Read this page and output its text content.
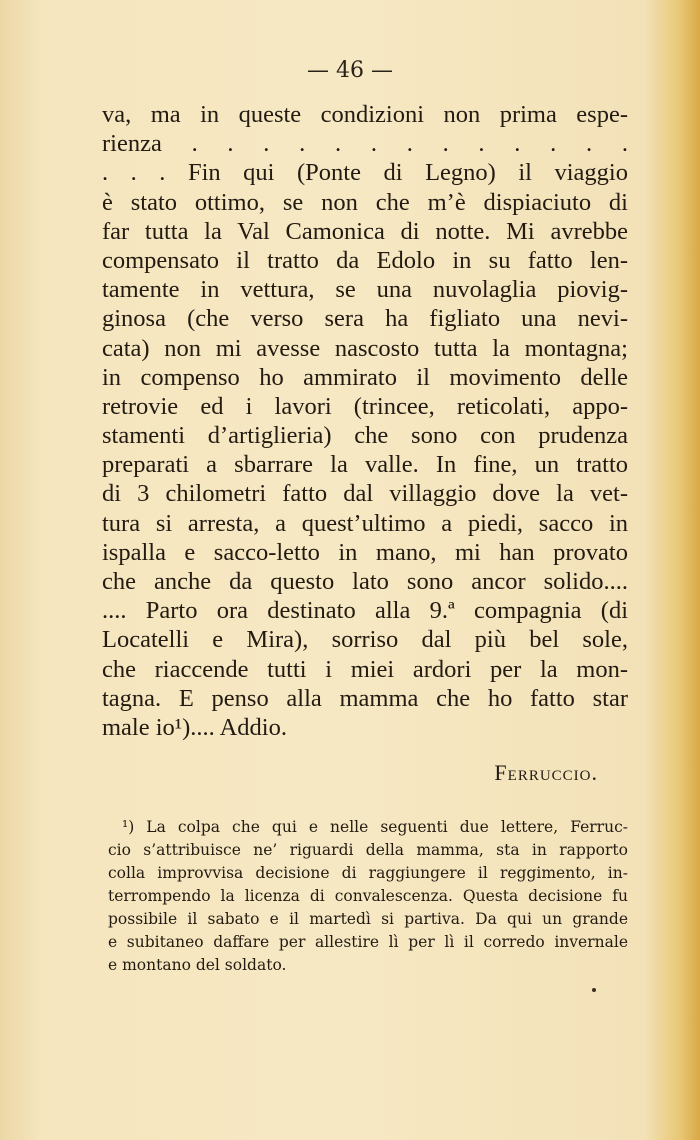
— 46 —
va, ma in queste condizioni non prima espe-
rienza . . . . . . . . . . . . .
. . . Fin qui (Ponte di Legno) il viaggio
è stato ottimo, se non che m’è dispiaciuto di
far tutta la Val Camonica di notte. Mi avrebbe
compensato il tratto da Edolo in su fatto len-
tamente in vettura, se una nuvolaglia piovig-
ginosa (che verso sera ha figliato una nevi-
cata) non mi avesse nascosto tutta la montagna;
in compenso ho ammirato il movimento delle
retrovie ed i lavori (trincee, reticolati, appo-
stamenti d’artiglieria) che sono con prudenza
preparati a sbarrare la valle. In fine, un tratto
di 3 chilometri fatto dal villaggio dove la vet-
tura si arresta, a quest’ultimo a piedi, sacco in
ispalla e sacco-letto in mano, mi han provato
che anche da questo lato sono ancor solido....
.... Parto ora destinato alla 9.ª compagnia (di
Locatelli e Mira), sorriso dal più bel sole,
che riaccende tutti i miei ardori per la mon-
tagna. E penso alla mamma che ho fatto star
male io¹).... Addio.
Ferruccio.
¹) La colpa che qui e nelle seguenti due lettere, Ferruc-
cio s’attribuisce ne’ riguardi della mamma, sta in rapporto
colla improvvisa decisione di raggiungere il reggimento, in-
terrompendo la licenza di convalescenza. Questa decisione fu
possibile il sabato e il martedì si partiva. Da qui un grande
e subitaneo daffare per allestire lì per lì il corredo invernale
e montano del soldato.
